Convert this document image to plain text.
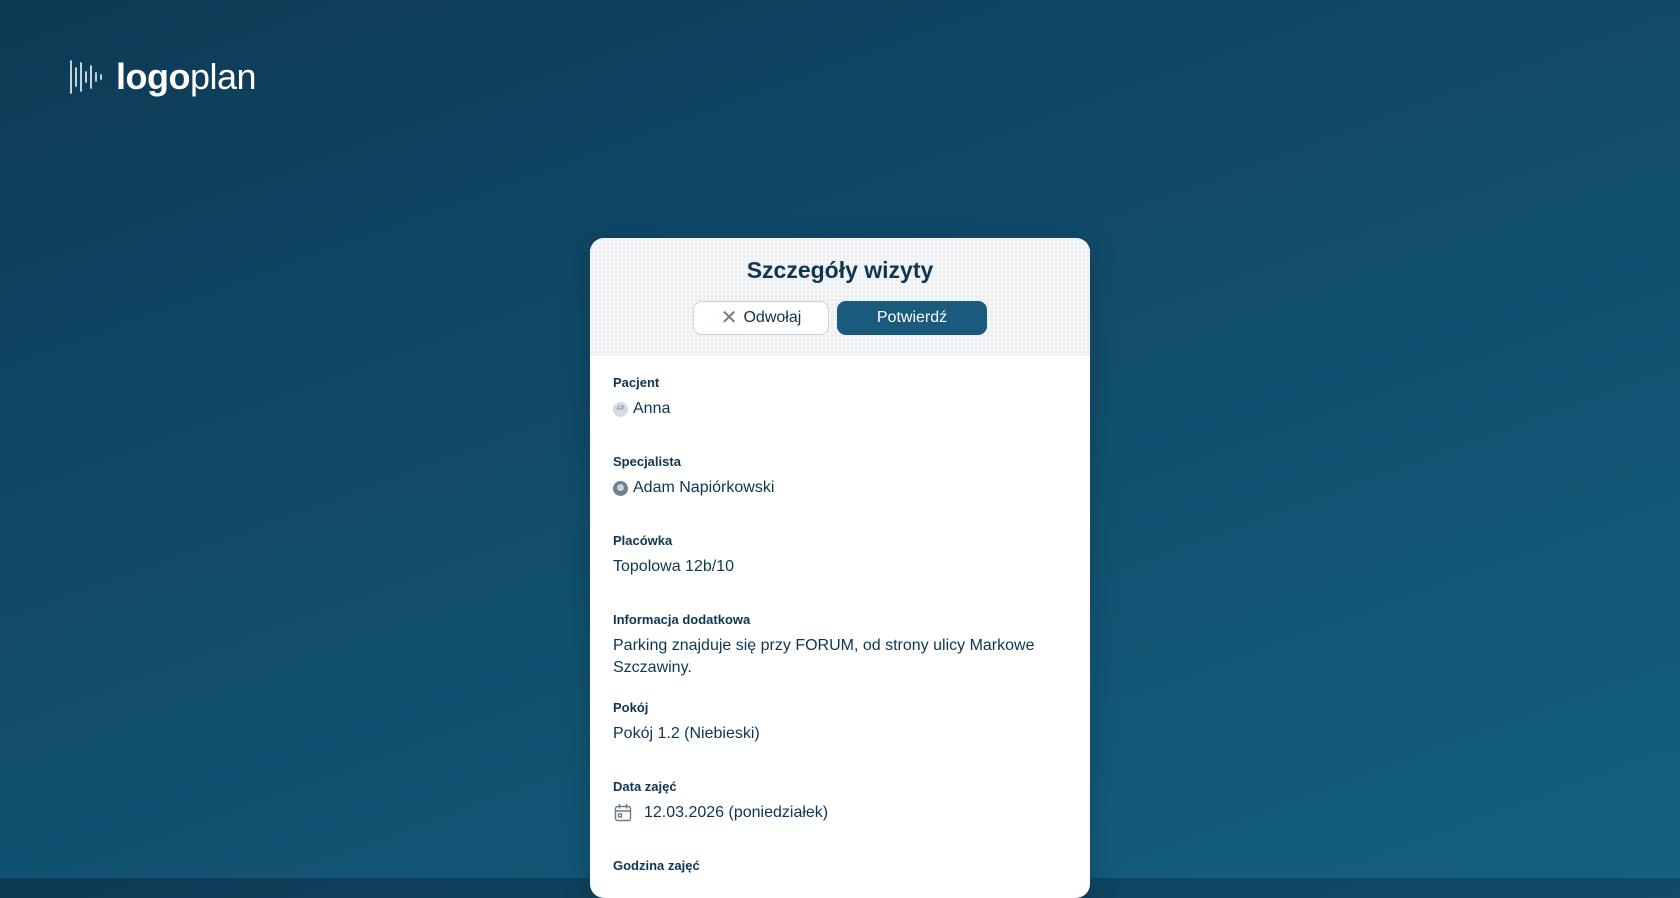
logoplan
Szczegóły wizyty
✕ Odwołaj	Potwierdź
Pacjent
AP Anna
Specjalista
Adam Napiórkowski
Placówka
Topolowa 12b/10
Informacja dodatkowa
Parking znajduje się przy FORUM, od strony ulicy Markowe Szczawiny.
Pokój
Pokój 1.2 (Niebieski)
Data zajęć
12.03.2026 (poniedziałek)
Godzina zajęć
